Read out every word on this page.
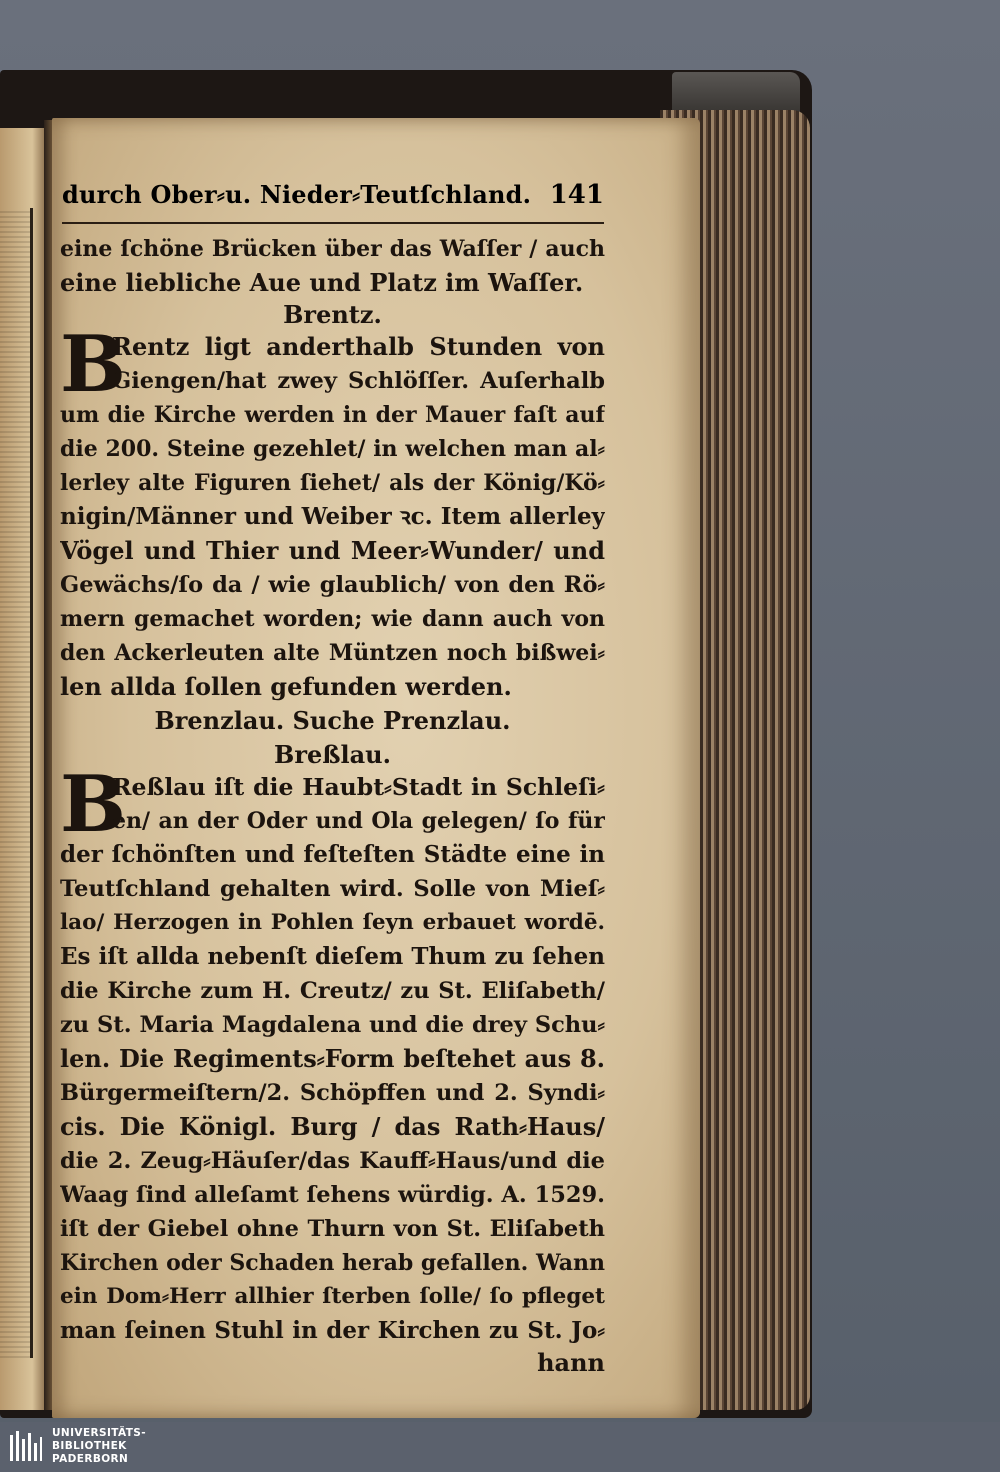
durch Ober⸗u. Nieder⸗Teutſchland. 141
eine ſchöne Brücken über das Waſſer / auch
eine liebliche Aue und Platz im Waſſer.
Brentz.
B
Rentz ligt anderthalb Stunden von
Giengen/hat zwey Schlöſſer. Auſerhalb
um die Kirche werden in der Mauer faſt auf
die 200. Steine gezehlet/ in welchen man al⸗
lerley alte Figuren ſiehet/ als der König/Kö⸗
nigin/Männer und Weiber ꝛc. Item allerley
Vögel und Thier und Meer⸗Wunder/ und
Gewächs/ſo da / wie glaublich/ von den Rö⸗
mern gemachet worden; wie dann auch von
den Ackerleuten alte Müntzen noch bißwei⸗
len allda ſollen gefunden werden.
Brenzlau. Suche Prenzlau.
Breßlau.
B
Reßlau iſt die Haubt⸗Stadt in Schleſi⸗
en/ an der Oder und Ola gelegen/ ſo für
der ſchönſten und feſteſten Städte eine in
Teutſchland gehalten wird. Solle von Mieſ⸗
lao/ Herzogen in Pohlen ſeyn erbauet wordē.
Es iſt allda nebenſt dieſem Thum zu ſehen
die Kirche zum H. Creutz/ zu St. Eliſabeth/
zu St. Maria Magdalena und die drey Schu⸗
len. Die Regiments⸗Form beſtehet aus 8.
Bürgermeiſtern/2. Schöpffen und 2. Syndi⸗
cis. Die Königl. Burg / das Rath⸗Haus/
die 2. Zeug⸗Häuſer/das Kauff⸗Haus/und die
Waag ſind alleſamt ſehens würdig. A. 1529.
iſt der Giebel ohne Thurn von St. Eliſabeth
Kirchen oder Schaden herab gefallen. Wann
ein Dom⸗Herr allhier ſterben ſolle/ ſo pfleget
man ſeinen Stuhl in der Kirchen zu St. Jo⸗
hann
UNIVERSITÄTS-
BIBLIOTHEK
PADERBORN
